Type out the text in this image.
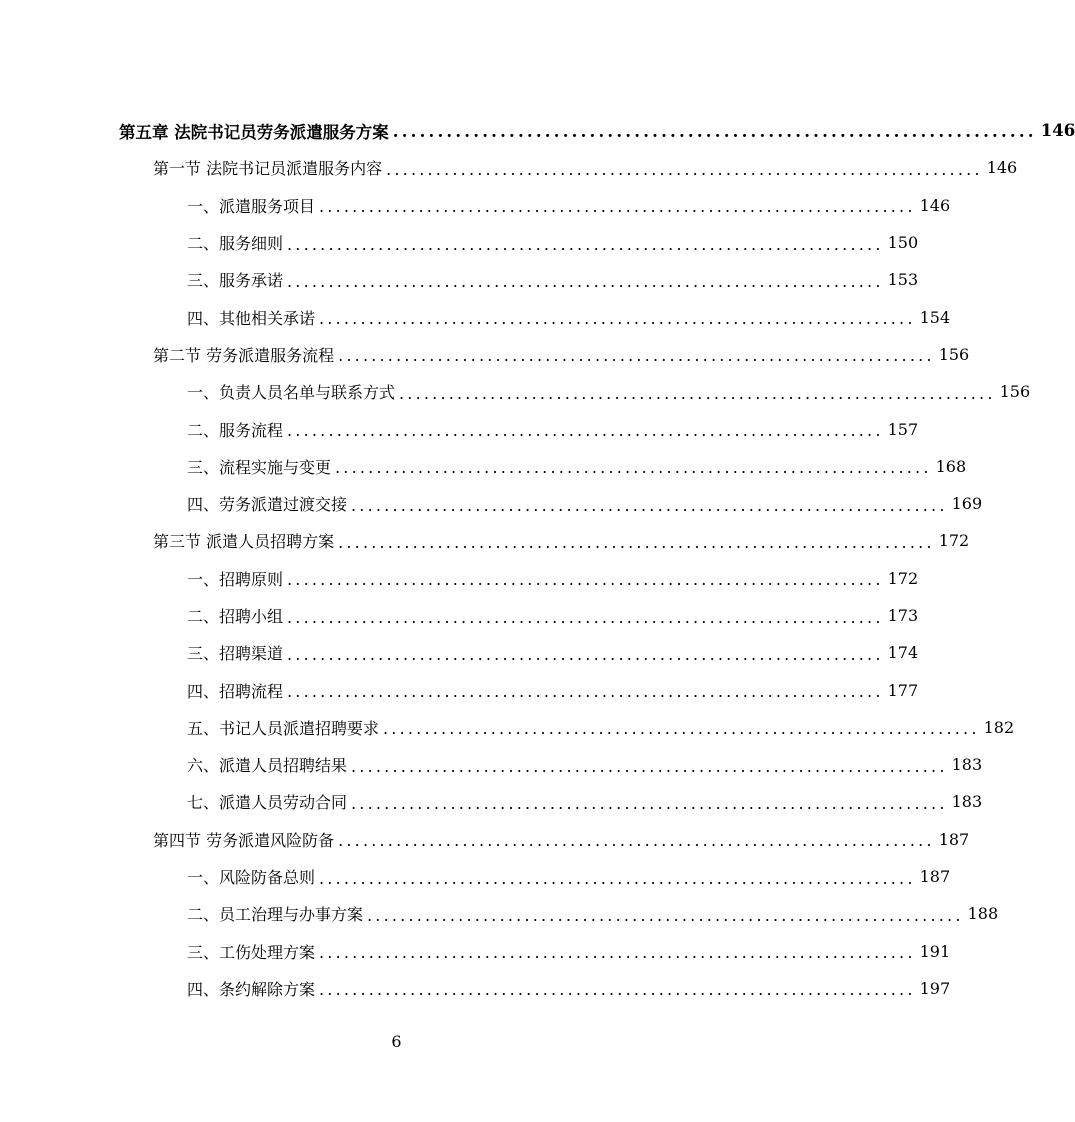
第五章 法院书记员劳务派遣服务方案 ........................................................................ 146
第一节 法院书记员派遣服务内容 ........................................................................ 146
一、派遣服务项目 ........................................................................ 146
二、服务细则 ........................................................................ 150
三、服务承诺 ........................................................................ 153
四、其他相关承诺 ........................................................................ 154
第二节 劳务派遣服务流程 ........................................................................ 156
一、负责人员名单与联系方式 ........................................................................ 156
二、服务流程 ........................................................................ 157
三、流程实施与变更 ........................................................................ 168
四、劳务派遣过渡交接 ........................................................................ 169
第三节 派遣人员招聘方案 ........................................................................ 172
一、招聘原则 ........................................................................ 172
二、招聘小组 ........................................................................ 173
三、招聘渠道 ........................................................................ 174
四、招聘流程 ........................................................................ 177
五、书记人员派遣招聘要求 ........................................................................ 182
六、派遣人员招聘结果 ........................................................................ 183
七、派遣人员劳动合同 ........................................................................ 183
第四节 劳务派遣风险防备 ........................................................................ 187
一、风险防备总则 ........................................................................ 187
二、员工治理与办事方案 ........................................................................ 188
三、工伤处理方案 ........................................................................ 191
四、条约解除方案 ........................................................................ 197
6
